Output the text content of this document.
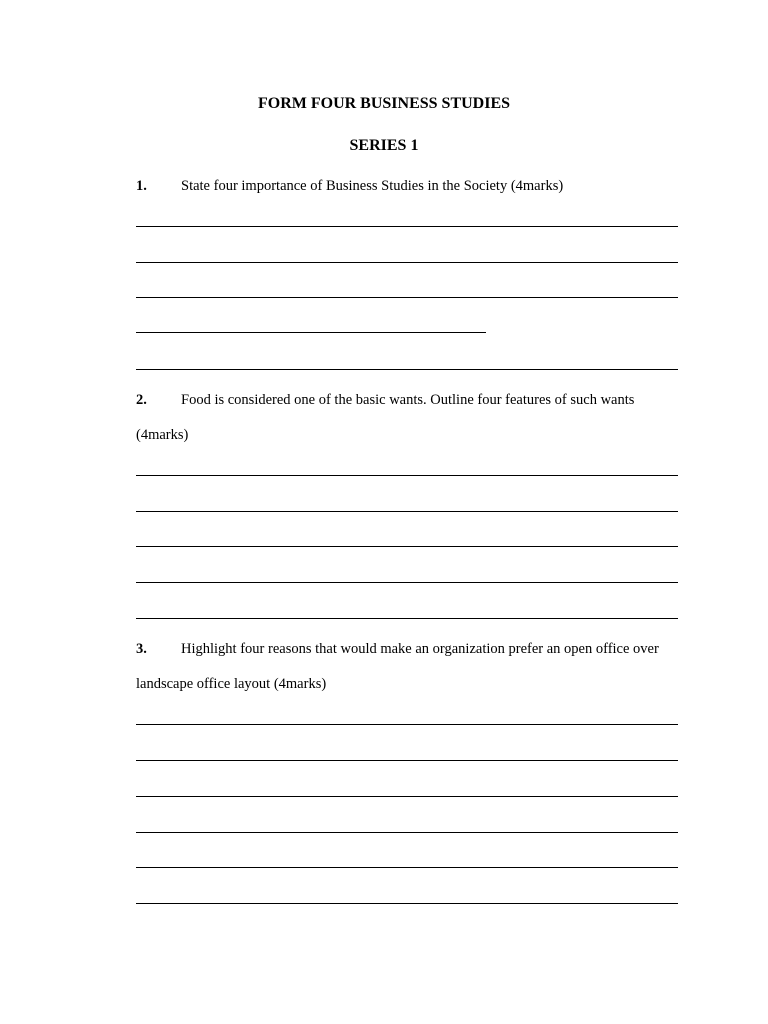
FORM FOUR BUSINESS STUDIES
SERIES 1
1. State four importance of Business Studies in the Society (4marks)
2. Food is considered one of the basic wants. Outline four features of such wants
(4marks)
3. Highlight four reasons that would make an organization prefer an open office over
landscape office layout (4marks)
